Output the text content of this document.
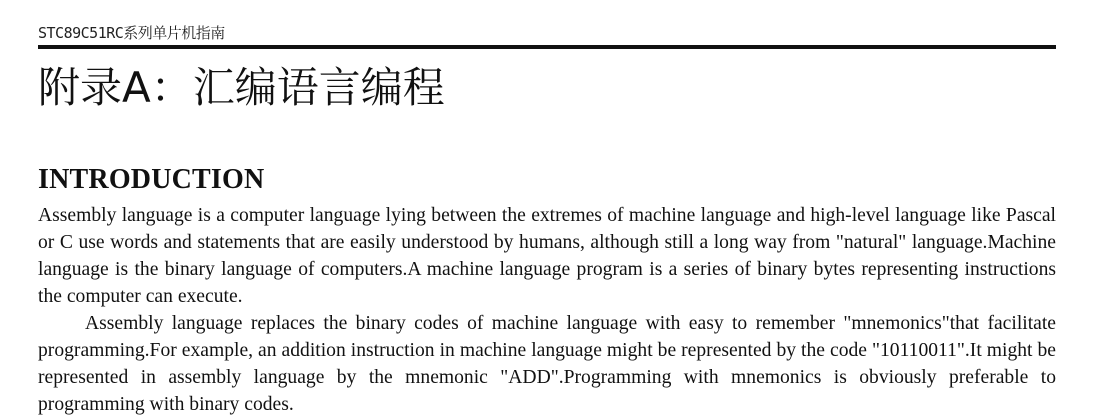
STC89C51RC系列单片机指南
附录A：汇编语言编程
INTRODUCTION

Assembly language is a computer language lying between the extremes of machine language and high-level language like Pascal or C use words and statements that are easily understood by humans, although still a long way from "natural" language.Machine language is the binary language of computers.A machine language program is a series of binary bytes representing instructions the computer can execute.

Assembly language replaces the binary codes of machine language with easy to remember "mnemonics"that facilitate programming.For example, an addition instruction in machine language might be represented by the code "10110011".It might be represented in assembly language by the mnemonic "ADD".Programming with mnemonics is obviously preferable to programming with binary codes.
